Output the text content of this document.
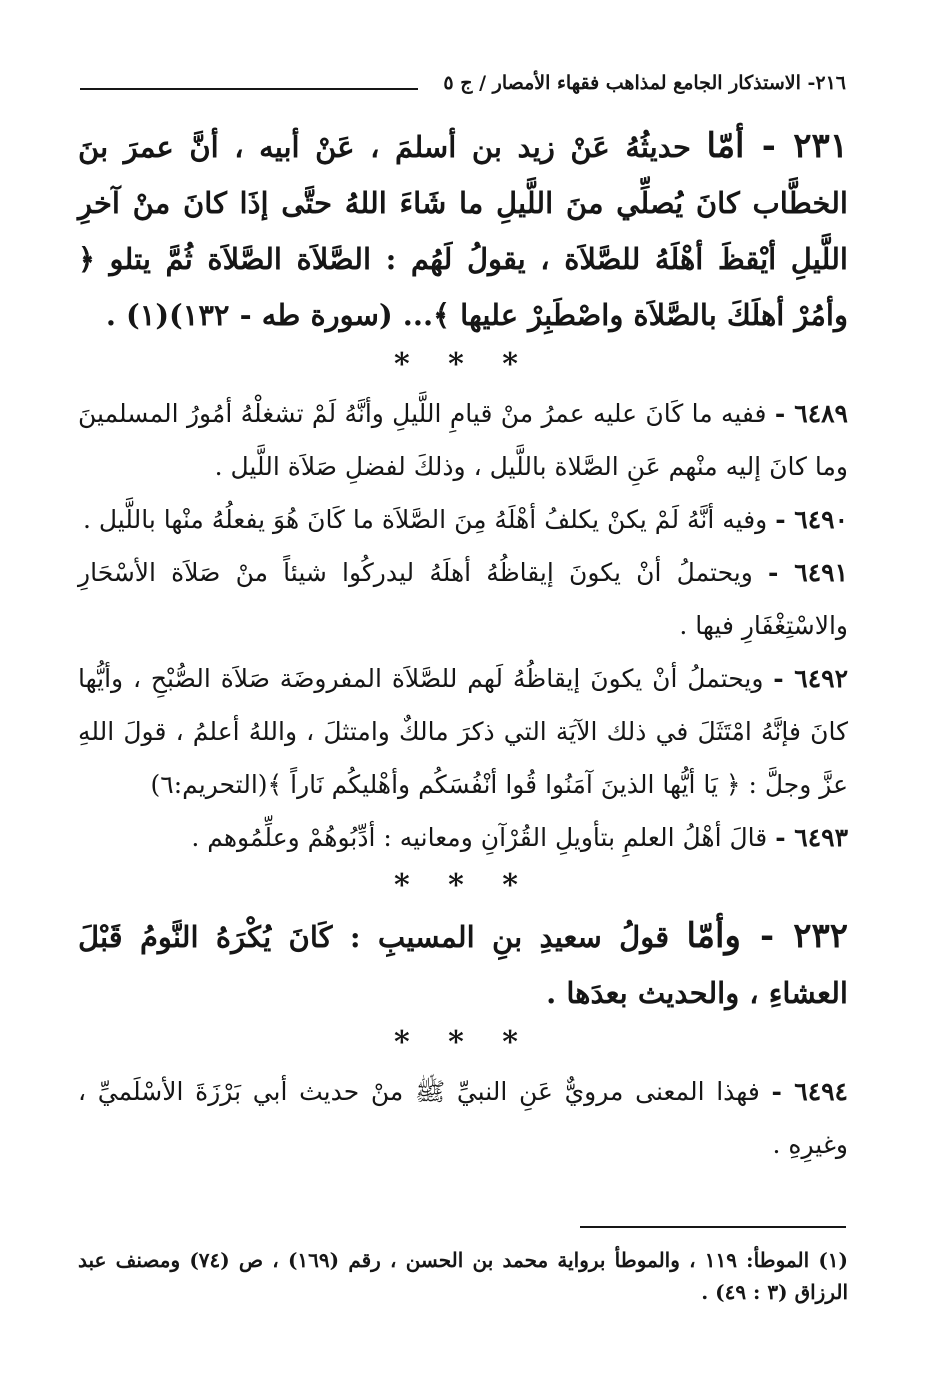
٢١٦- الاستذكار الجامع لمذاهب فقهاء الأمصار / ج ٥

٢٣١ - أمّا حديثُهُ عَنْ زيد بن أسلمَ ، عَنْ أبيه ، أنَّ عمرَ بنَ الخطَّاب كانَ يُصلِّي منَ اللَّيلِ ما شَاءَ اللهُ حتَّى إذَا كانَ منْ آخرِ اللَّيلِ أيْقظَ أهْلَهُ للصَّلاَة ، يقولُ لَهُم : الصَّلاَة الصَّلاَة ثُمَّ يتلو ﴿ وأمُرْ أهلَكَ بالصَّلاَة واصْطَبِرْ عليها ﴾... (سورة طه - ١٣٢)(١) .

* * *

٦٤٨٩ - ففيه ما كَانَ عليه عمرُ منْ قيامِ اللَّيلِ وأنَّهُ لَمْ تشغلْهُ أمُورُ المسلمينَ وما كانَ إليه منْهم عَنِ الصَّلاة باللَّيل ، وذلكَ لفضلِ صَلاَة اللَّيل .

٦٤٩٠ - وفيه أنَّهُ لَمْ يكنْ يكلفُ أهْلَهُ مِنَ الصَّلاَة ما كَانَ هُوَ يفعلُهُ منْها باللَّيل .

٦٤٩١ - ويحتملُ أنْ يكونَ إيقاظُهُ أهلَهُ ليدركُوا شيئاً منْ صَلاَة الأسْحَارِ والاسْتِغْفَارِ فيها .

٦٤٩٢ - ويحتملُ أنْ يكونَ إيقاظُهُ لَهم للصَّلاَة المفروضَة صَلاَة الصُّبْحِ ، وأيُّها كانَ فإنَّهُ امْتَثَلَ في ذلك الآيَة التي ذكرَ مالكٌ وامتثلَ ، واللهُ أعلمُ ، قولَ اللهِ عزَّ وجلَّ : ﴿ يَا أيُّها الذينَ آمَنُوا قُوا أنْفُسَكُم وأهْليكُم نَاراً ﴾(التحريم:٦)

٦٤٩٣ - قالَ أهْلُ العلمِ بتأويلِ القُرْآنِ ومعانيه : أدِّبُوهُمْ وعلِّمُوهم .

* * *

٢٣٢ - وأمّا قولُ سعيدِ بنِ المسيبِ : كَانَ يُكْرَهُ النَّومُ قَبْلَ العشاءِ ، والحديث بعدَها .

* * *

٦٤٩٤ - فهذا المعنى مرويٌّ عَنِ النبيِّ ﷺ منْ حديث أبي بَرْزَةَ الأسْلَميِّ ، وغيرِهِ .

(١) الموطأ: ١١٩ ، والموطأ برواية محمد بن الحسن ، رقم (١٦٩) ، ص (٧٤) ومصنف عبد الرزاق (٣ : ٤٩) .
